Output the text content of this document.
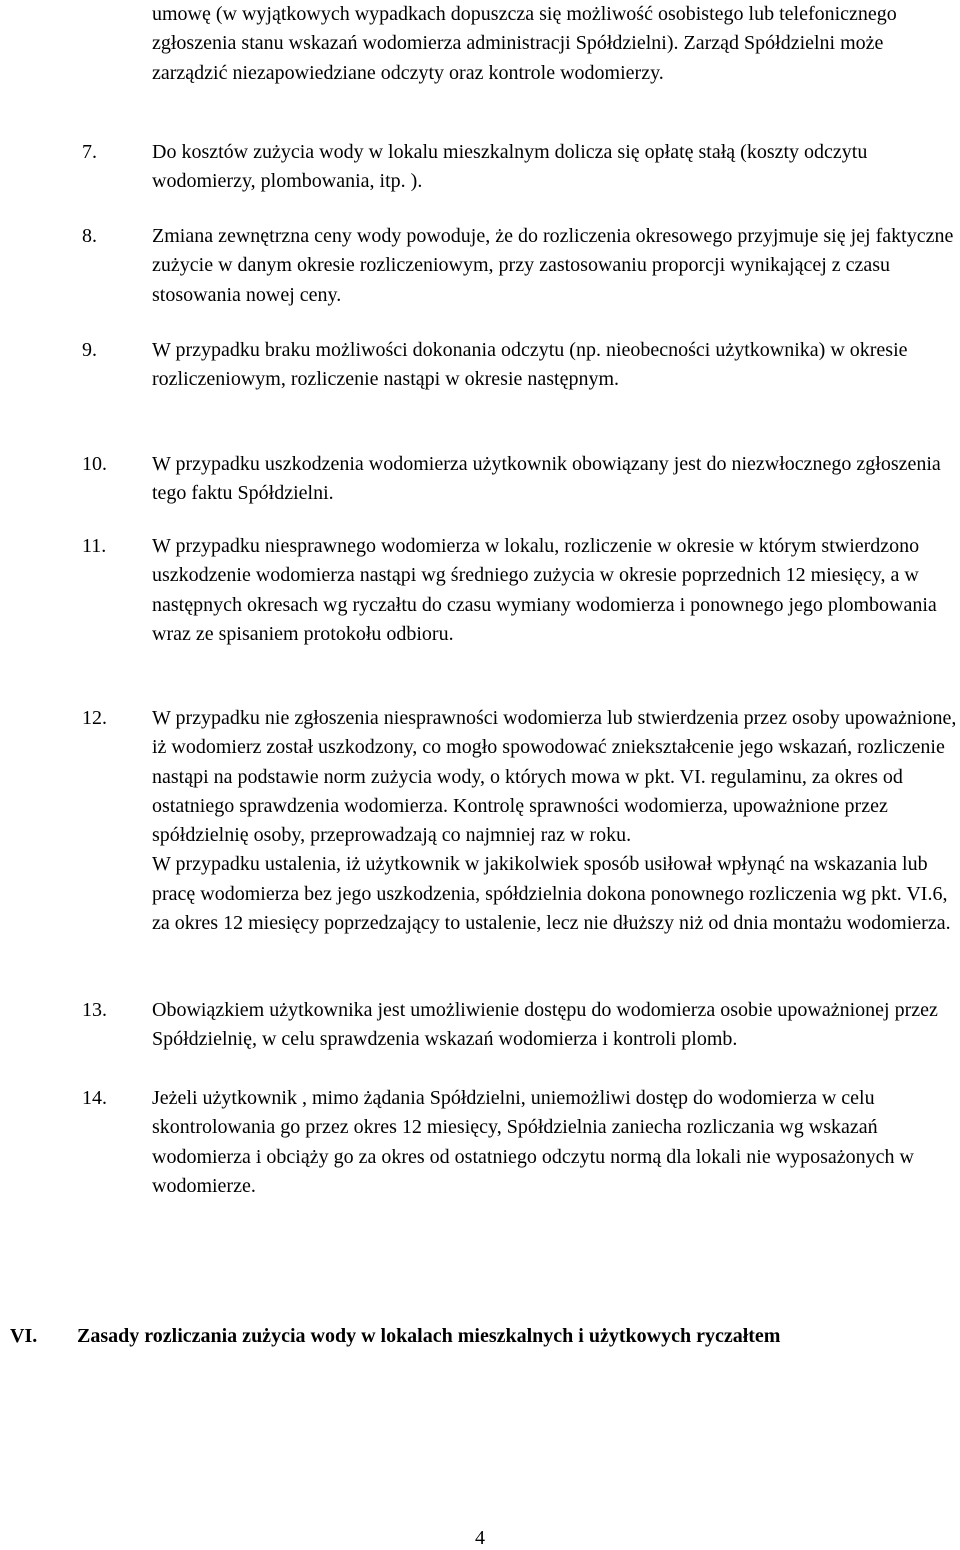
umowę (w wyjątkowych wypadkach dopuszcza się możliwość osobistego lub telefonicznego zgłoszenia stanu wskazań wodomierza administracji Spółdzielni). Zarząd Spółdzielni może zarządzić niezapowiedziane odczyty oraz kontrole wodomierzy.
7.	Do kosztów zużycia wody w lokalu mieszkalnym dolicza się opłatę stałą (koszty odczytu wodomierzy, plombowania, itp. ).
8.	Zmiana zewnętrzna ceny wody powoduje, że do rozliczenia okresowego przyjmuje się jej faktyczne zużycie w danym okresie rozliczeniowym, przy zastosowaniu proporcji wynikającej z czasu stosowania nowej ceny.
9.	W przypadku braku możliwości dokonania odczytu (np. nieobecności użytkownika) w okresie rozliczeniowym, rozliczenie nastąpi w okresie następnym.
10.	W przypadku uszkodzenia wodomierza użytkownik obowiązany jest do niezwłocznego zgłoszenia tego faktu Spółdzielni.
11.	W przypadku niesprawnego wodomierza w lokalu, rozliczenie w okresie w którym stwierdzono uszkodzenie wodomierza nastąpi wg średniego zużycia w okresie poprzednich 12 miesięcy, a w następnych okresach wg ryczałtu do czasu wymiany wodomierza i ponownego jego plombowania wraz ze spisaniem protokołu odbioru.
12.	W przypadku nie zgłoszenia niesprawności wodomierza lub stwierdzenia przez osoby upoważnione, iż wodomierz został uszkodzony, co mogło spowodować zniekształcenie jego wskazań, rozliczenie nastąpi na podstawie norm zużycia wody, o których mowa w pkt. VI. regulaminu, za okres od ostatniego sprawdzenia wodomierza. Kontrolę sprawności wodomierza, upoważnione przez spółdzielnię osoby, przeprowadzają co najmniej raz w roku.
W przypadku ustalenia, iż użytkownik w jakikolwiek sposób usiłował wpłynąć na wskazania lub pracę wodomierza bez jego uszkodzenia, spółdzielnia dokona ponownego rozliczenia wg pkt. VI.6, za okres 12 miesięcy poprzedzający to ustalenie, lecz nie dłuższy niż od dnia montażu wodomierza.
13.	Obowiązkiem użytkownika jest umożliwienie dostępu do wodomierza osobie upoważnionej przez Spółdzielnię, w celu sprawdzenia wskazań wodomierza i kontroli plomb.
14.	Jeżeli użytkownik , mimo żądania Spółdzielni, uniemożliwi dostęp do wodomierza w celu skontrolowania go przez okres 12 miesięcy, Spółdzielnia zaniecha rozliczania wg wskazań wodomierza i obciąży go za okres od ostatniego odczytu normą dla lokali nie wyposażonych w wodomierze.
VI. Zasady rozliczania zużycia wody w lokalach mieszkalnych i użytkowych ryczałtem
4
